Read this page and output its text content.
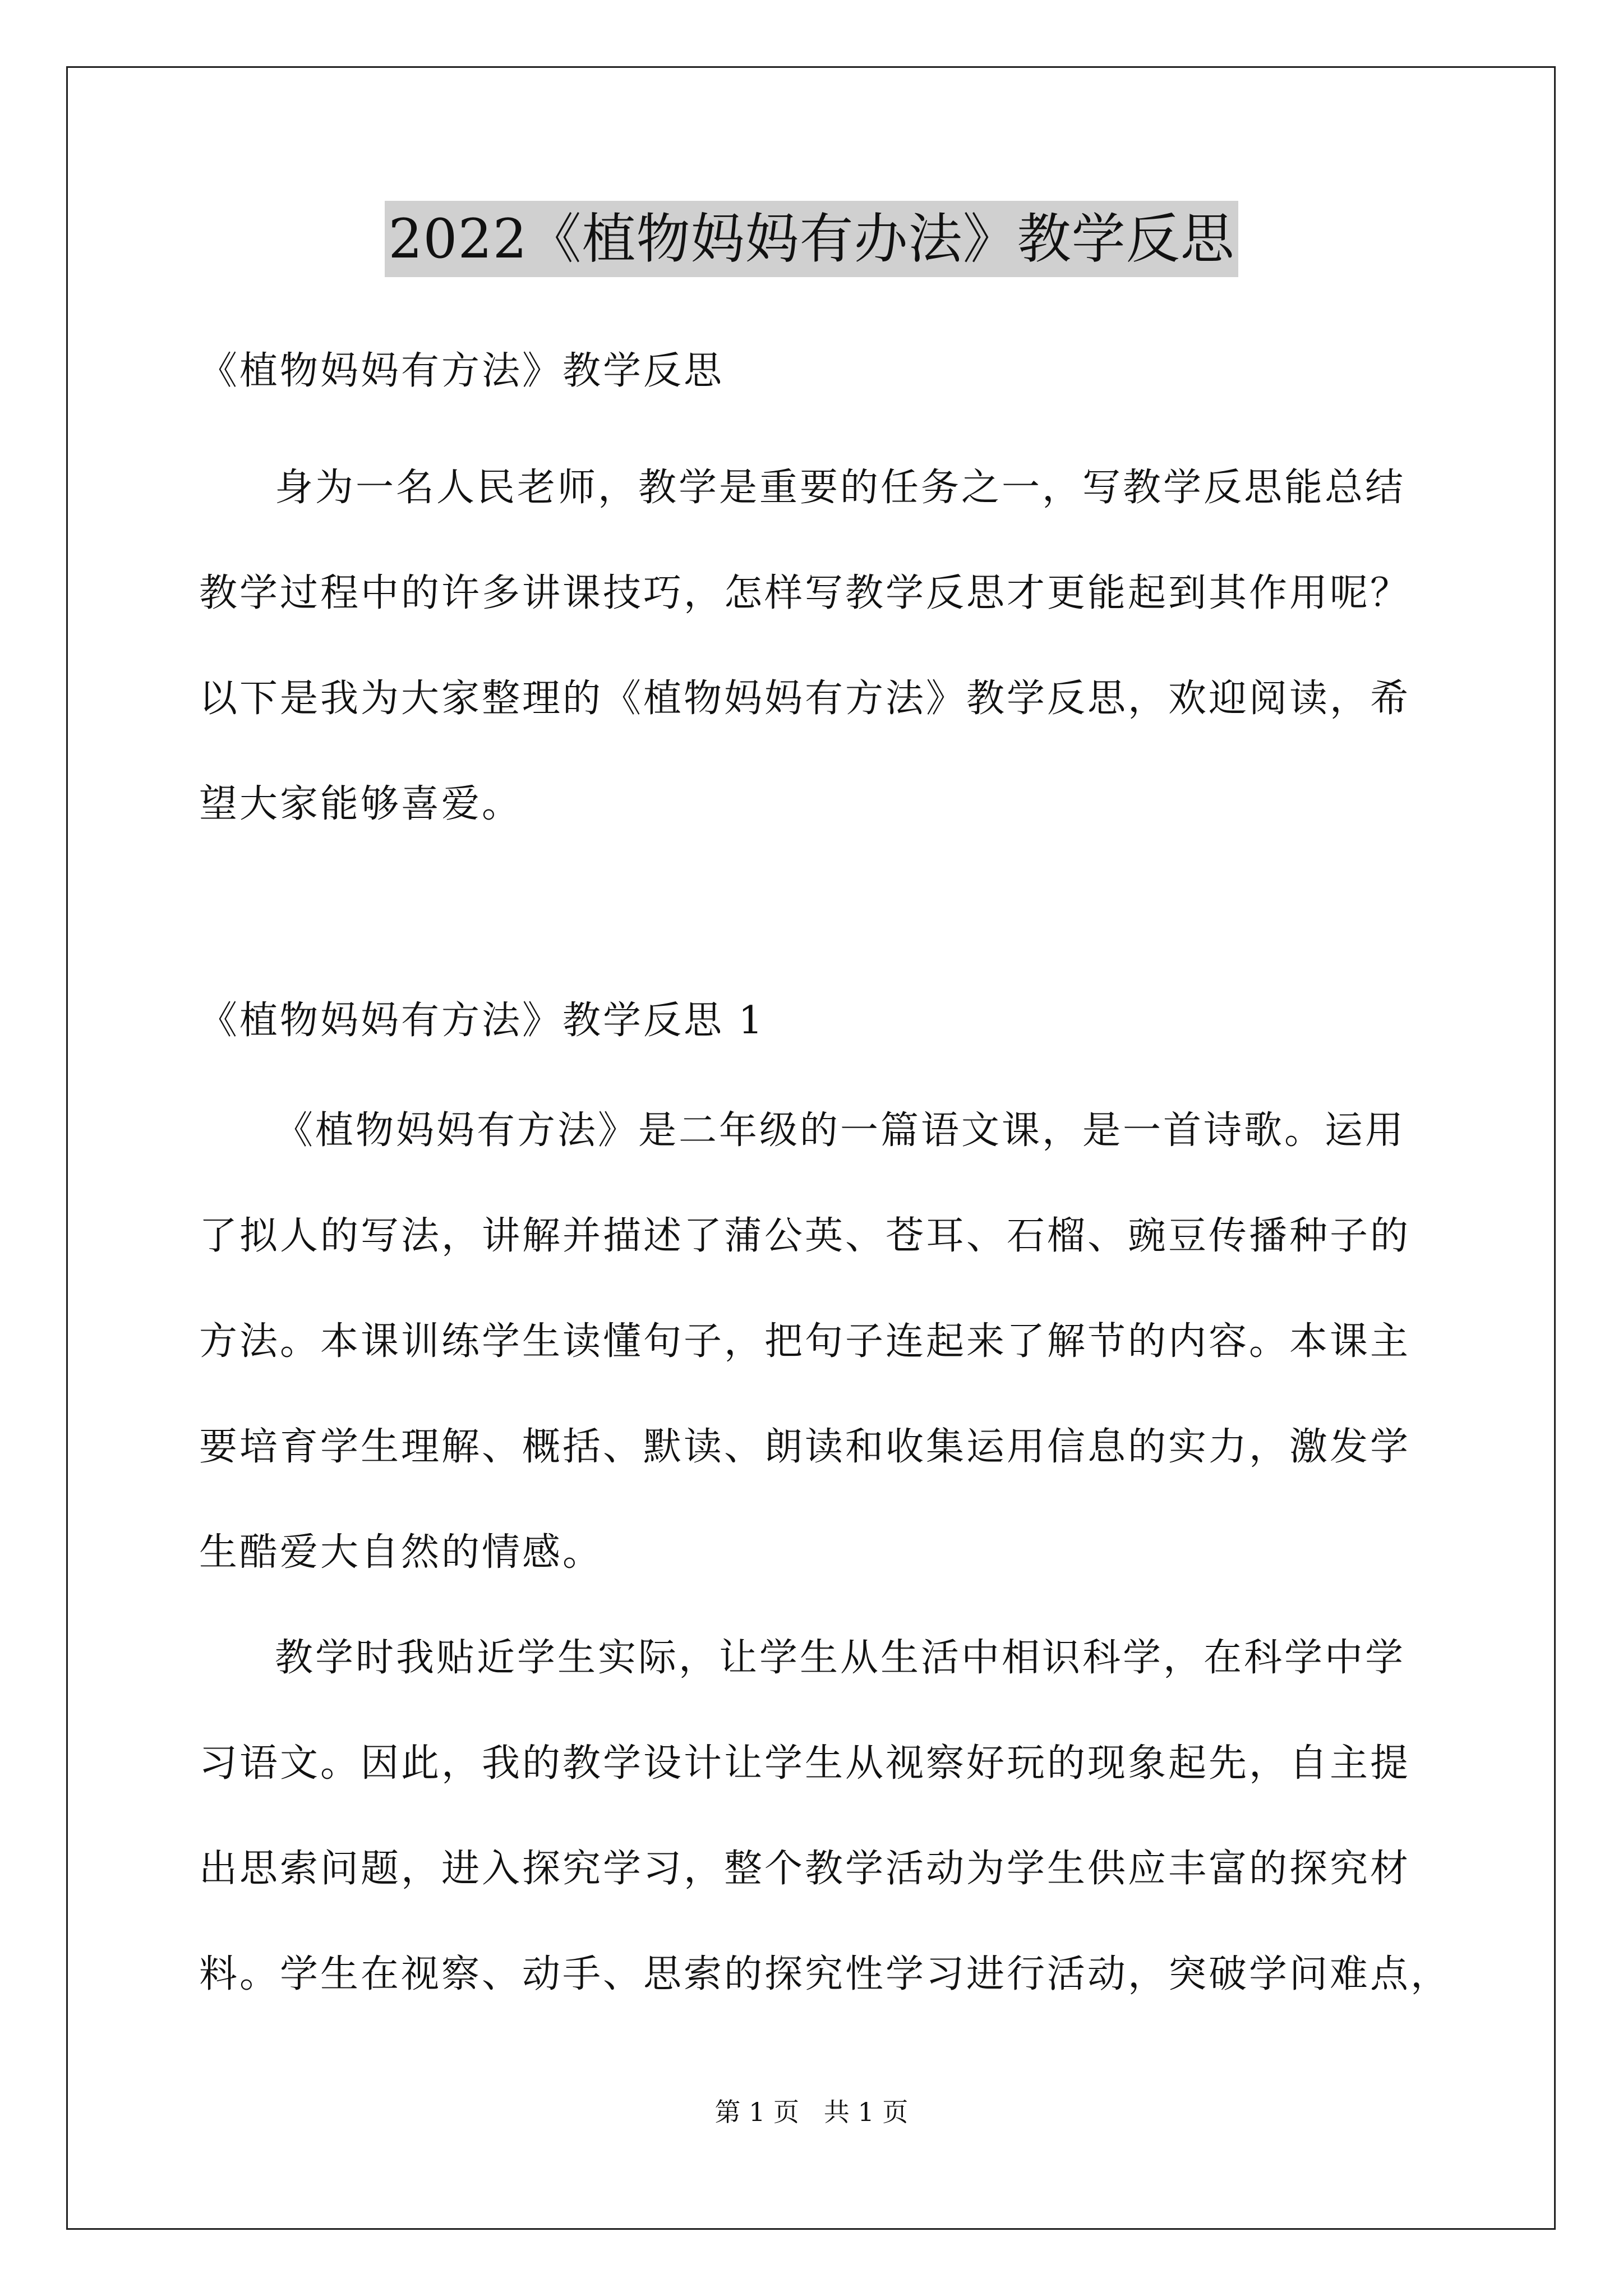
2022《植物妈妈有办法》教学反思
《植物妈妈有方法》教学反思
身为一名人民老师，教学是重要的任务之一，写教学反思能总结
教学过程中的许多讲课技巧，怎样写教学反思才更能起到其作用呢？
以下是我为大家整理的《植物妈妈有方法》教学反思，欢迎阅读，希
望大家能够喜爱。
《植物妈妈有方法》教学反思 1
《植物妈妈有方法》是二年级的一篇语文课，是一首诗歌。运用
了拟人的写法，讲解并描述了蒲公英、苍耳、石榴、豌豆传播种子的
方法。本课训练学生读懂句子，把句子连起来了解节的内容。本课主
要培育学生理解、概括、默读、朗读和收集运用信息的实力，激发学
生酷爱大自然的情感。
教学时我贴近学生实际，让学生从生活中相识科学，在科学中学
习语文。因此，我的教学设计让学生从视察好玩的现象起先，自主提
出思索问题，进入探究学习，整个教学活动为学生供应丰富的探究材
料。学生在视察、动手、思索的探究性学习进行活动，突破学问难点，
第 1 页   共 1 页
